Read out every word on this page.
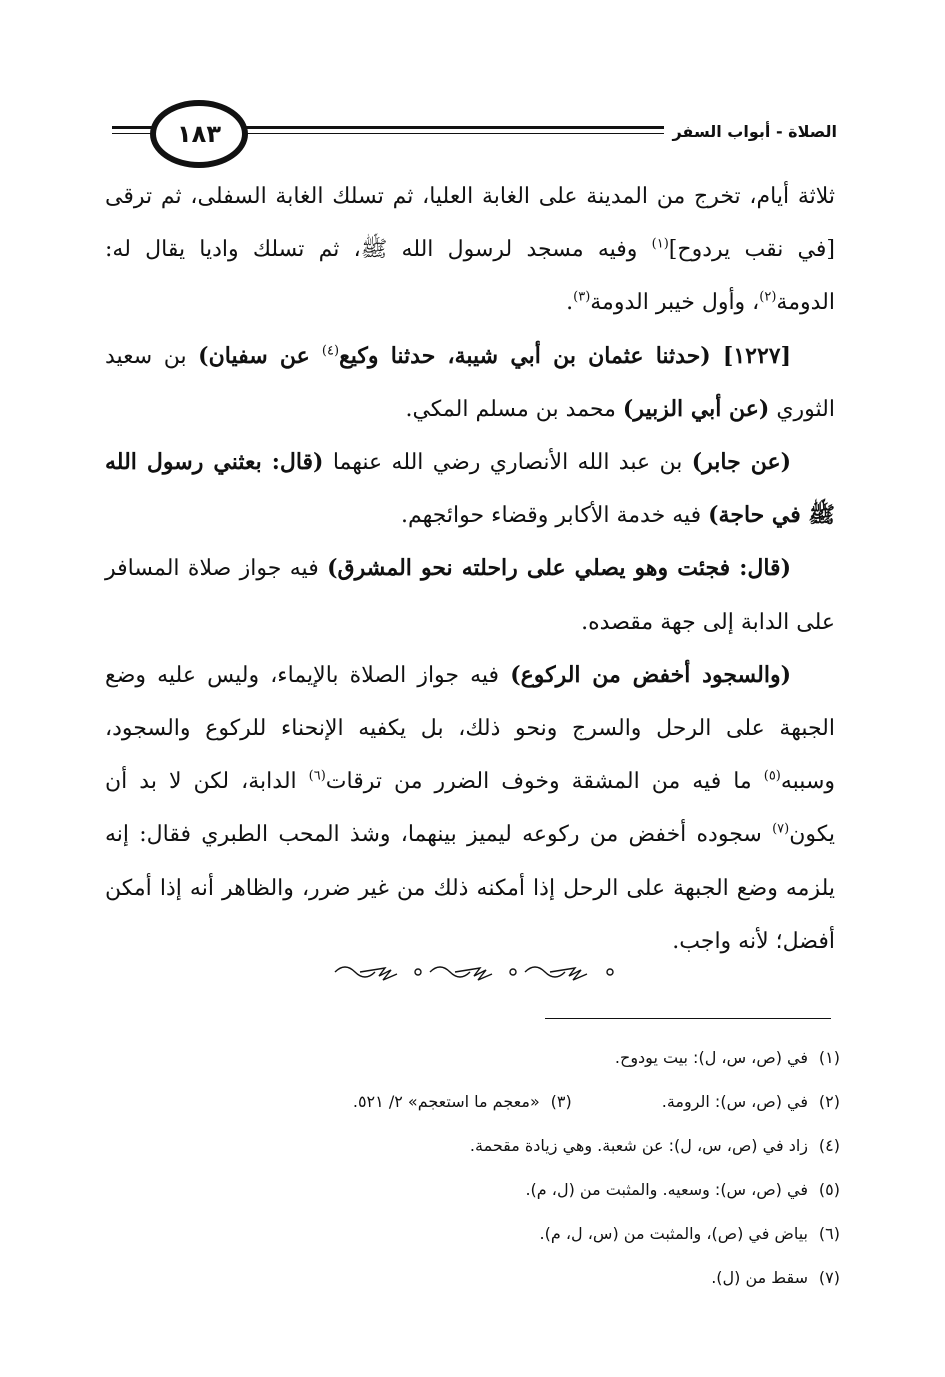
١٨٣	الصلاة - أبواب السفر

ثلاثة أيام، تخرج من المدينة على الغابة العليا، ثم تسلك الغابة السفلى، ثم ترقى [في نقب يردوح]$^{(١)}$ وفيه مسجد لرسول الله ﷺ، ثم تسلك واديا يقال له: الدومة$^{(٢)}$، وأول خيبر الدومة$^{(٣)}$.

[١٢٢٧] (حدثنا عثمان بن أبي شيبة، حدثنا وكيع$^{(٤)}$ عن سفيان) بن سعيد الثوري (عن أبي الزبير) محمد بن مسلم المكي.

(عن جابر) بن عبد الله الأنصاري رضي الله عنهما (قال: بعثني رسول الله ﷺ في حاجة) فيه خدمة الأكابر وقضاء حوائجهم.

(قال: فجئت وهو يصلي على راحلته نحو المشرق) فيه جواز صلاة المسافر على الدابة إلى جهة مقصده.

(والسجود أخفض من الركوع) فيه جواز الصلاة بالإيماء، وليس عليه وضع الجبهة على الرحل والسرج ونحو ذلك، بل يكفيه الإنحناء للركوع والسجود، وسببه$^{(٥)}$ ما فيه من المشقة وخوف الضرر من ترقات$^{(٦)}$ الدابة، لكن لا بد أن يكون$^{(٧)}$ سجوده أخفض من ركوعه ليميز بينهما، وشذ المحب الطبري فقال: إنه يلزمه وضع الجبهة على الرحل إذا أمكنه ذلك من غير ضرر، والظاهر أنه إذا أمكن أفضل؛ لأنه واجب.

(١)في (ص، س، ل): بيت يودوح.
(٢)في (ص، س): الرومة.(٣)«معجم ما استعجم» ٢/ ٥٢١.
(٤)زاد في (ص، س، ل): عن شعبة. وهي زيادة مقحمة.
(٥)في (ص، س): وسعيه. والمثبت من (ل، م).
(٦)بياض في (ص)، والمثبت من (س، ل، م).
(٧)سقط من (ل).
